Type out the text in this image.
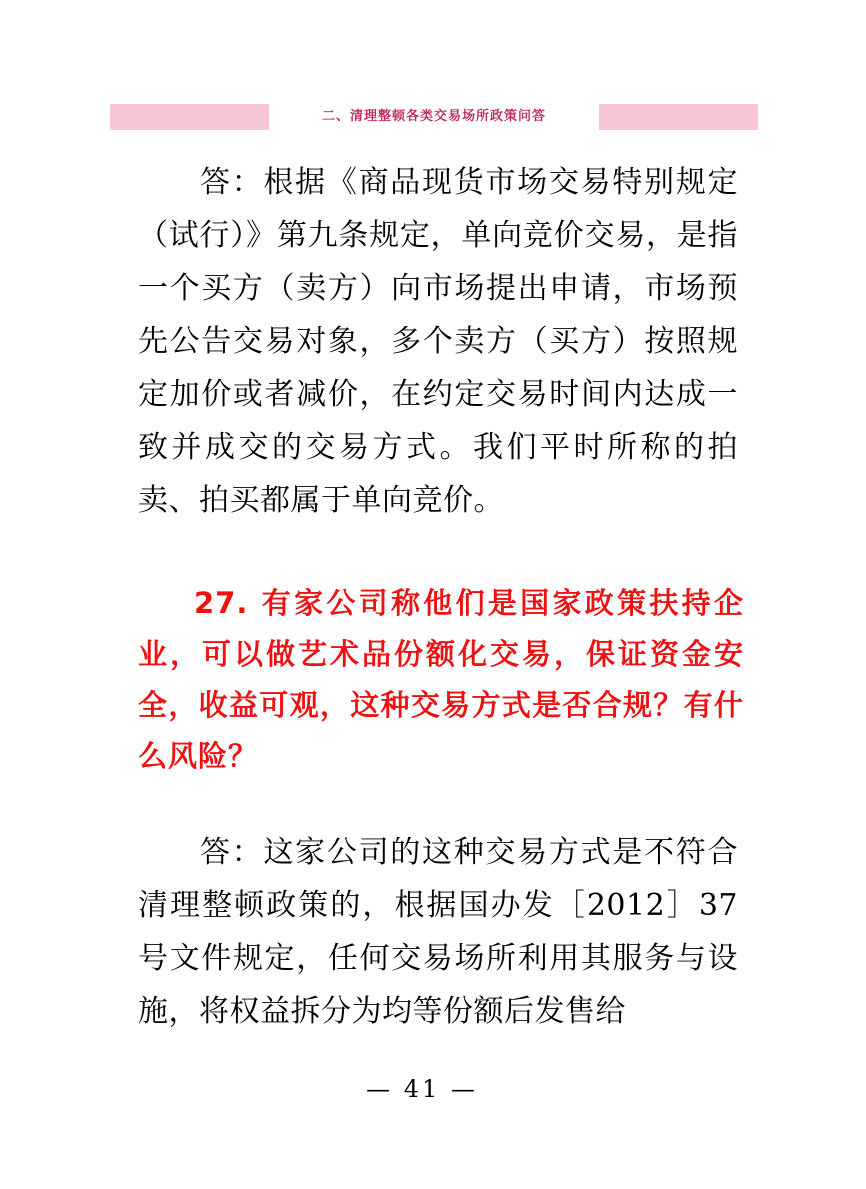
二、清理整顿各类交易场所政策问答
答：根据《商品现货市场交易特别规定（试行）》第九条规定，单向竞价交易，是指一个买方（卖方）向市场提出申请，市场预先公告交易对象，多个卖方（买方）按照规定加价或者减价，在约定交易时间内达成一致并成交的交易方式。我们平时所称的拍卖、拍买都属于单向竞价。
27. 有家公司称他们是国家政策扶持企业，可以做艺术品份额化交易，保证资金安全，收益可观，这种交易方式是否合规？有什么风险？
答：这家公司的这种交易方式是不符合清理整顿政策的，根据国办发［2012］37号文件规定，任何交易场所利用其服务与设施，将权益拆分为均等份额后发售给
— 41 —
